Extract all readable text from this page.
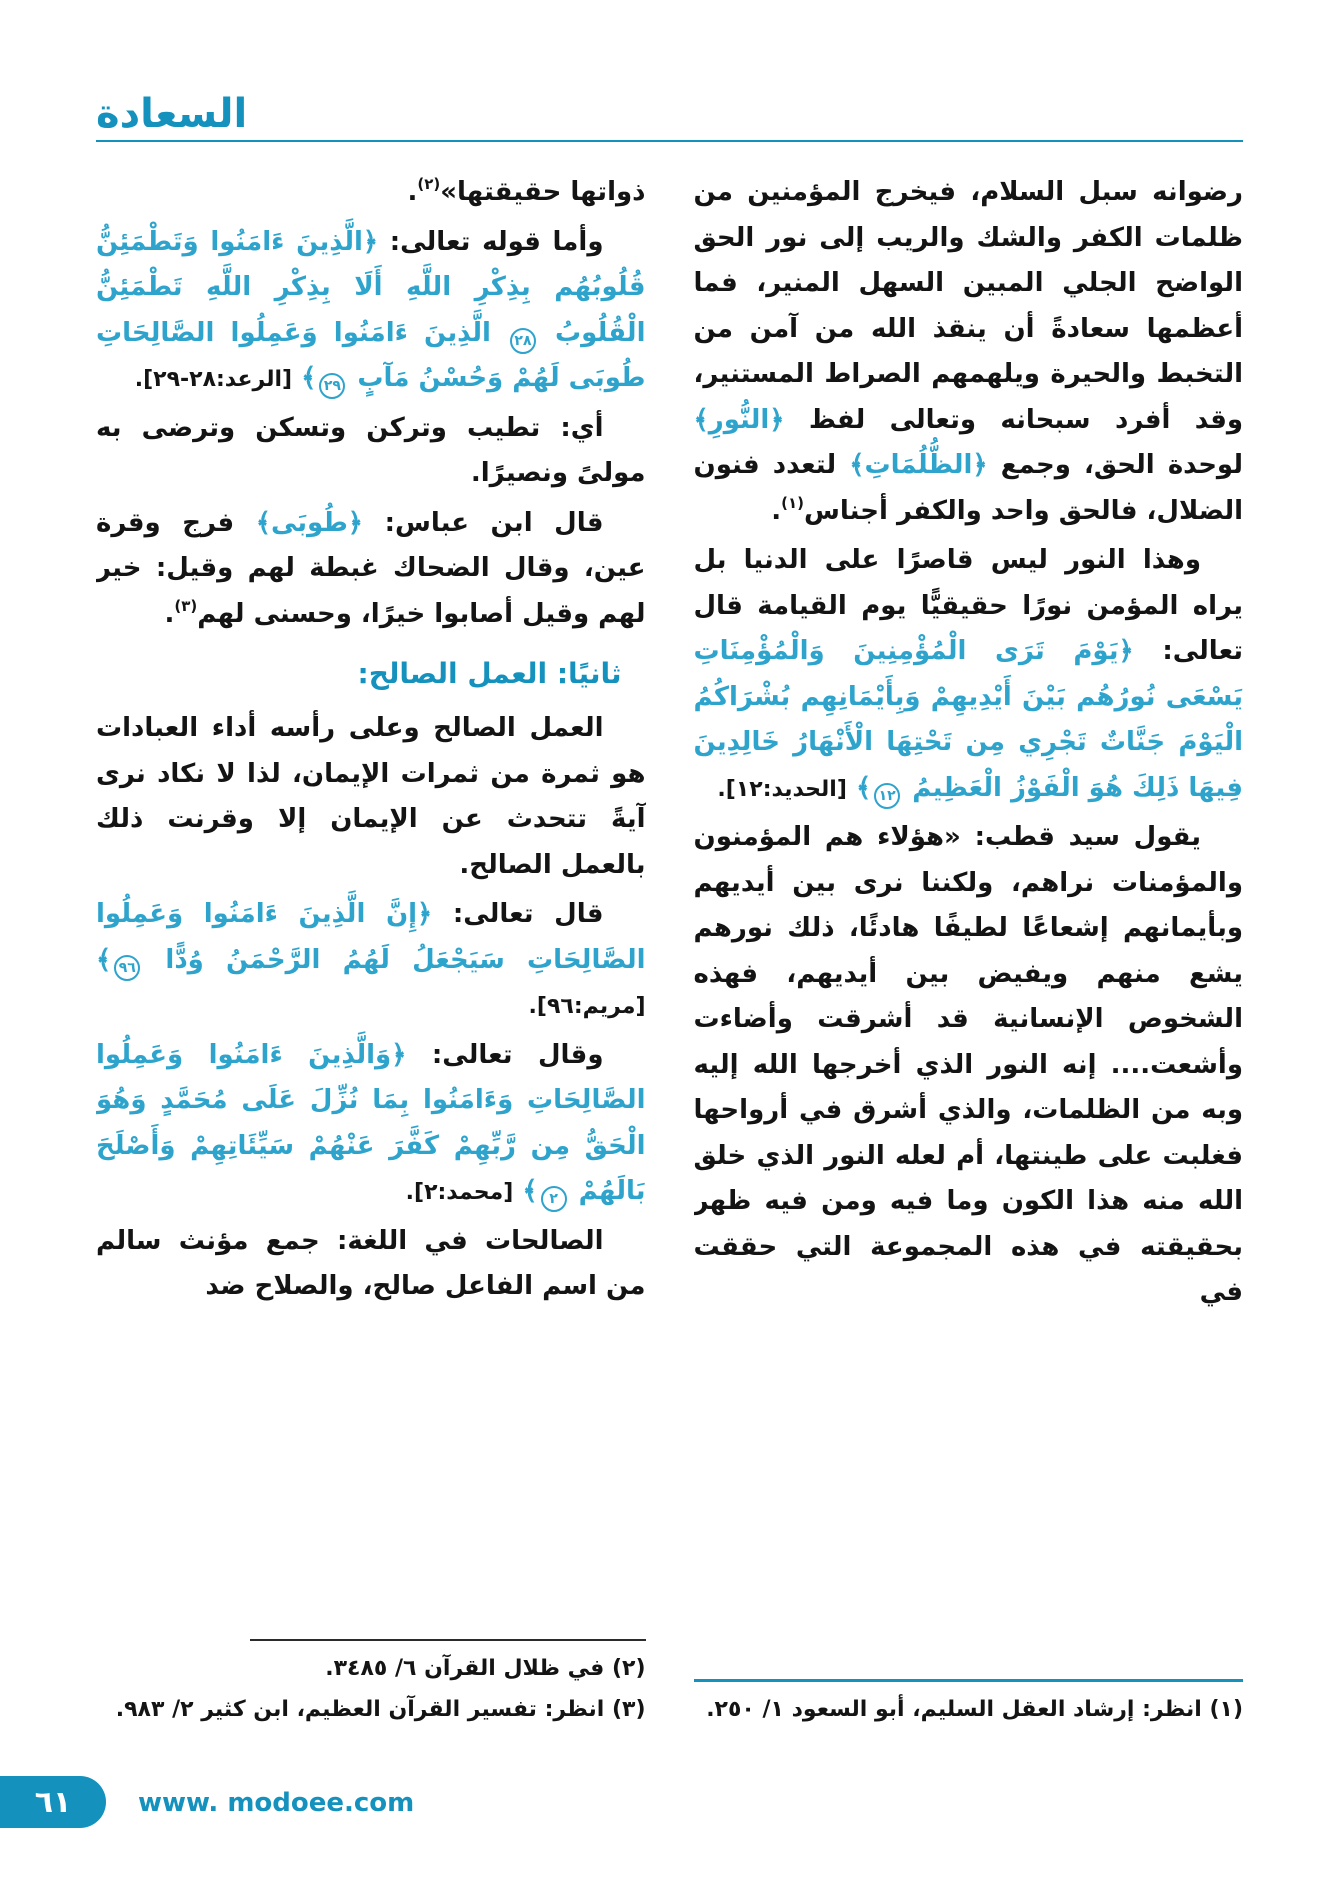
السعادة

رضوانه سبل السلام، فيخرج المؤمنين من ظلمات الكفر والشك والريب إلى نور الحق الواضح الجلي المبين السهل المنير، فما أعظمها سعادةً أن ينقذ الله من آمن من التخبط والحيرة ويلهمهم الصراط المستنير، وقد أفرد سبحانه وتعالى لفظ ﴿النُّورِ﴾ لوحدة الحق، وجمع ﴿الظُّلُمَاتِ﴾ لتعدد فنون الضلال، فالحق واحد والكفر أجناس$^{(١)}$.

وهذا النور ليس قاصرًا على الدنيا بل يراه المؤمن نورًا حقيقيًّا يوم القيامة قال تعالى: ﴿يَوْمَ تَرَى الْمُؤْمِنِينَ وَالْمُؤْمِنَاتِ يَسْعَى نُورُهُم بَيْنَ أَيْدِيهِمْ وَبِأَيْمَانِهِم بُشْرَاكُمُ الْيَوْمَ جَنَّاتٌ تَجْرِي مِن تَحْتِهَا الْأَنْهَارُ خَالِدِينَ فِيهَا ذَلِكَ هُوَ الْفَوْزُ الْعَظِيمُ ١٢﴾ [الحديد:١٢].

يقول سيد قطب: «هؤلاء هم المؤمنون والمؤمنات نراهم، ولكننا نرى بين أيديهم وبأيمانهم إشعاعًا لطيفًا هادئًا، ذلك نورهم يشع منهم ويفيض بين أيديهم، فهذه الشخوص الإنسانية قد أشرقت وأضاءت وأشعت.... إنه النور الذي أخرجها الله إليه وبه من الظلمات، والذي أشرق في أرواحها فغلبت على طينتها، أم لعله النور الذي خلق الله منه هذا الكون وما فيه ومن فيه ظهر بحقيقته في هذه المجموعة التي حققت في

(١) انظر: إرشاد العقل السليم، أبو السعود ١/ ٢٥٠.

ذواتها حقيقتها»$^{(٢)}$.

وأما قوله تعالى: ﴿الَّذِينَ ءَامَنُوا وَتَطْمَئِنُّ قُلُوبُهُم بِذِكْرِ اللَّهِ أَلَا بِذِكْرِ اللَّهِ تَطْمَئِنُّ الْقُلُوبُ ٢٨ الَّذِينَ ءَامَنُوا وَعَمِلُوا الصَّالِحَاتِ طُوبَى لَهُمْ وَحُسْنُ مَآبٍ ٢٩﴾ [الرعد:٢٨-٢٩].

أي: تطيب وتركن وتسكن وترضى به مولىً ونصيرًا.

قال ابن عباس: ﴿طُوبَى﴾ فرج وقرة عين، وقال الضحاك غبطة لهم وقيل: خير لهم وقيل أصابوا خيرًا، وحسنى لهم$^{(٣)}$.

ثانيًا: العمل الصالح:

العمل الصالح وعلى رأسه أداء العبادات هو ثمرة من ثمرات الإيمان، لذا لا نكاد نرى آيةً تتحدث عن الإيمان إلا وقرنت ذلك بالعمل الصالح.

قال تعالى: ﴿إِنَّ الَّذِينَ ءَامَنُوا وَعَمِلُوا الصَّالِحَاتِ سَيَجْعَلُ لَهُمُ الرَّحْمَنُ وُدًّا ٩٦﴾ [مريم:٩٦].

وقال تعالى: ﴿وَالَّذِينَ ءَامَنُوا وَعَمِلُوا الصَّالِحَاتِ وَءَامَنُوا بِمَا نُزِّلَ عَلَى مُحَمَّدٍ وَهُوَ الْحَقُّ مِن رَّبِّهِمْ كَفَّرَ عَنْهُمْ سَيِّئَاتِهِمْ وَأَصْلَحَ بَالَهُمْ ٢﴾ [محمد:٢].

الصالحات في اللغة: جمع مؤنث سالم من اسم الفاعل صالح، والصلاح ضد

(٢) في ظلال القرآن ٦/ ٣٤٨٥.

(٣) انظر: تفسير القرآن العظيم، ابن كثير ٢/ ٩٨٣.

٦١	www. modoee.com
